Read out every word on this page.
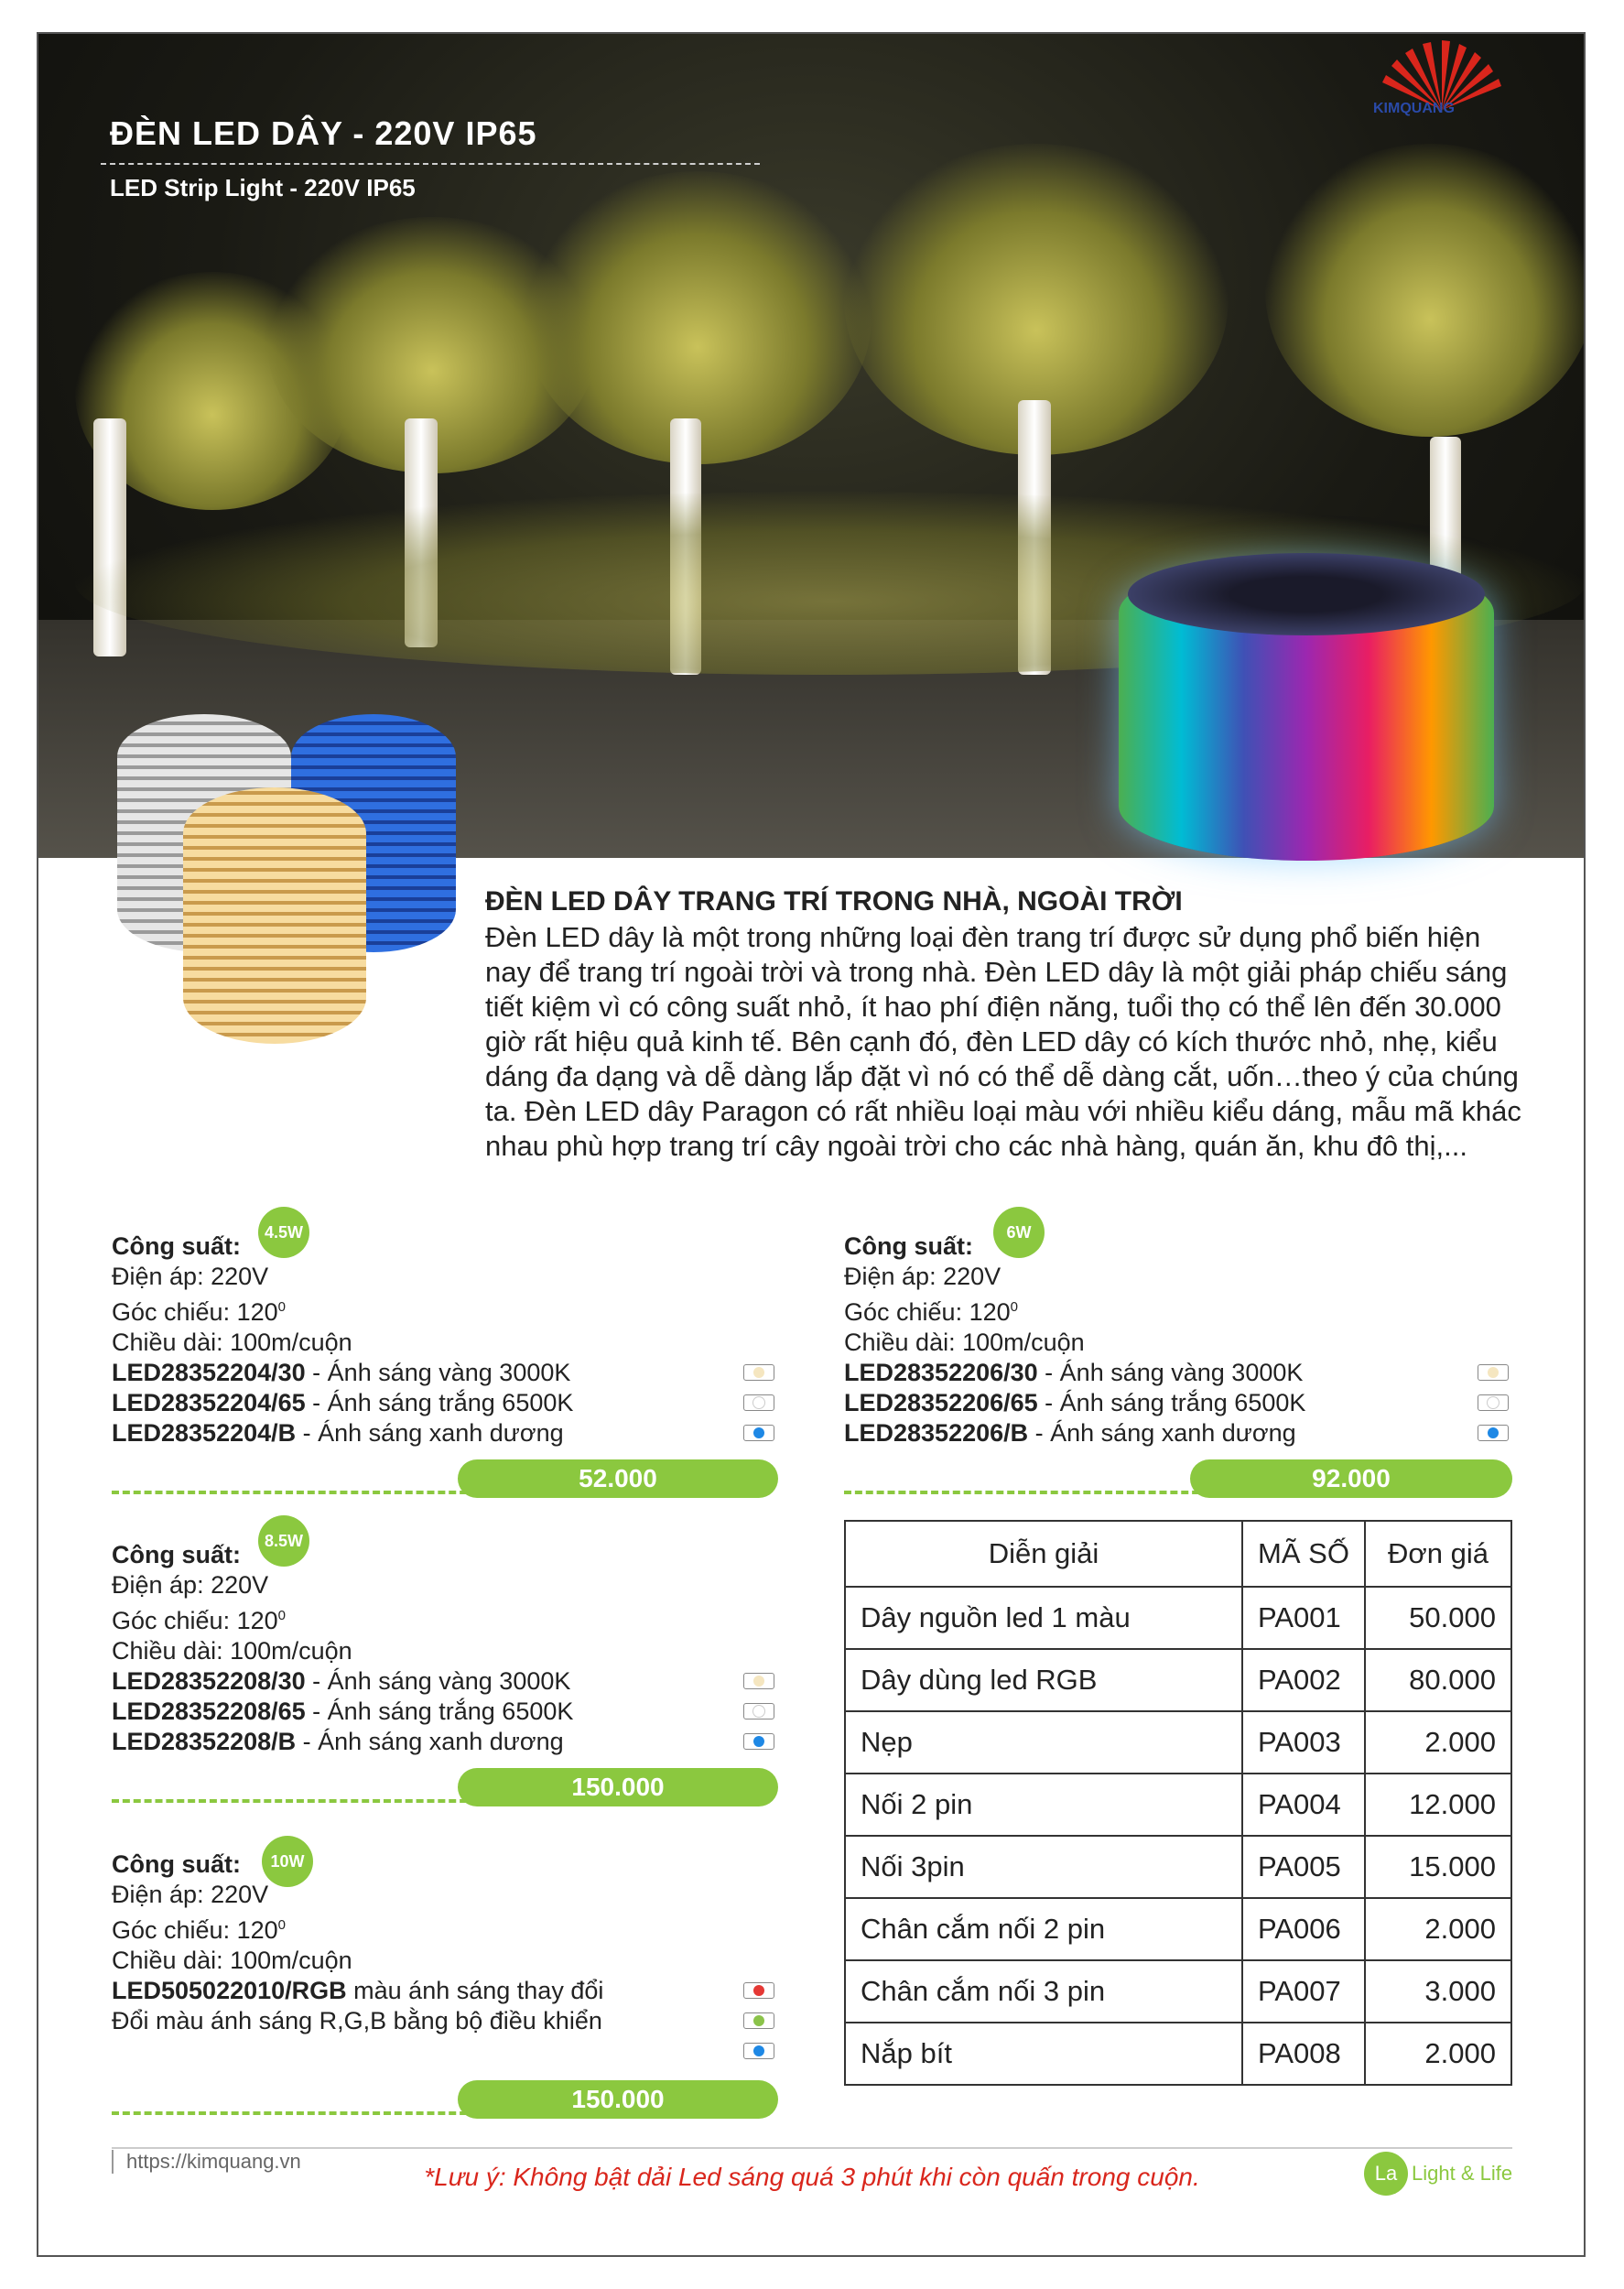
KIMQUANG
ĐÈN LED DÂY - 220V IP65
LED Strip Light - 220V IP65
ĐÈN LED DÂY TRANG TRÍ TRONG NHÀ, NGOÀI TRỜI
Đèn LED dây là một trong những loại đèn trang trí được sử dụng phổ biến hiện nay để trang trí ngoài trời và trong nhà. Đèn LED dây là một giải pháp chiếu sáng tiết kiệm vì có công suất nhỏ, ít hao phí điện năng, tuổi thọ có thể lên đến 30.000 giờ rất hiệu quả kinh tế. Bên cạnh đó, đèn LED dây có kích thước nhỏ, nhẹ, kiểu dáng đa dạng và dễ dàng lắp đặt vì nó có thể dễ dàng cắt, uốn…theo ý của chúng ta. Đèn LED dây Paragon có rất nhiều loại màu với nhiều kiểu dáng, mẫu mã khác nhau phù hợp trang trí cây ngoài trời cho các nhà hàng, quán ăn, khu đô thị,...
4.5W
Công suất:
Điện áp: 220V
Góc chiếu: $120^0$
Chiều dài: 100m/cuộn
LED28352204/30 - Ánh sáng vàng 3000K
LED28352204/65 - Ánh sáng trắng 6500K
LED28352204/B - Ánh sáng xanh dương
52.000
6W
Công suất:
Điện áp: 220V
Góc chiếu: $120^0$
Chiều dài: 100m/cuộn
LED28352206/30 - Ánh sáng vàng 3000K
LED28352206/65 - Ánh sáng trắng 6500K
LED28352206/B - Ánh sáng xanh dương
92.000
8.5W
Công suất:
Điện áp: 220V
Góc chiếu: $120^0$
Chiều dài: 100m/cuộn
LED28352208/30 - Ánh sáng vàng 3000K
LED28352208/65 - Ánh sáng trắng 6500K
LED28352208/B - Ánh sáng xanh dương
150.000
10W
Công suất:
Điện áp: 220V
Góc chiếu: $120^0$
Chiều dài: 100m/cuộn
LED505022010/RGB màu ánh sáng thay đổi
Đổi màu ánh sáng R,G,B bằng bộ điều khiển
150.000
Diễn giải	MÃ SỐ	Đơn giá
Dây nguồn led 1 màu	PA001	50.000
Dây dùng led RGB	PA002	80.000
Nẹp	PA003	2.000
Nối 2 pin	PA004	12.000
Nối 3pin	PA005	15.000
Chân cắm nối 2 pin	PA006	2.000
Chân cắm nối 3 pin	PA007	3.000
Nắp bít	PA008	2.000
https://kimquang.vn
*Lưu ý: Không bật dải Led sáng quá 3 phút khi còn quấn trong cuộn.	La Light & Life
